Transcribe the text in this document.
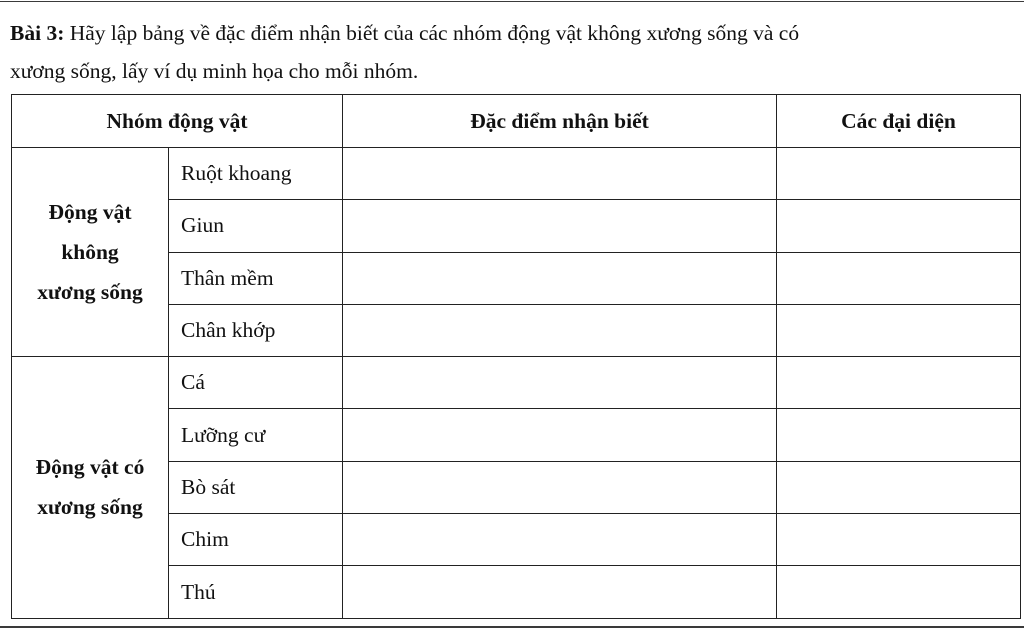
Bài 3: Hãy lập bảng về đặc điểm nhận biết của các nhóm động vật không xương sống và có
xương sống, lấy ví dụ minh họa cho mỗi nhóm.
Nhóm động vật		Đặc điểm nhận biết	Các đại diện

Động vật
không
xương sống	Ruột khoang		
	Giun		
	Thân mềm		
	Chân khớp		

Động vật có
xương sống	Cá		
	Lưỡng cư		
	Bò sát		
	Chim		
	Thú		
